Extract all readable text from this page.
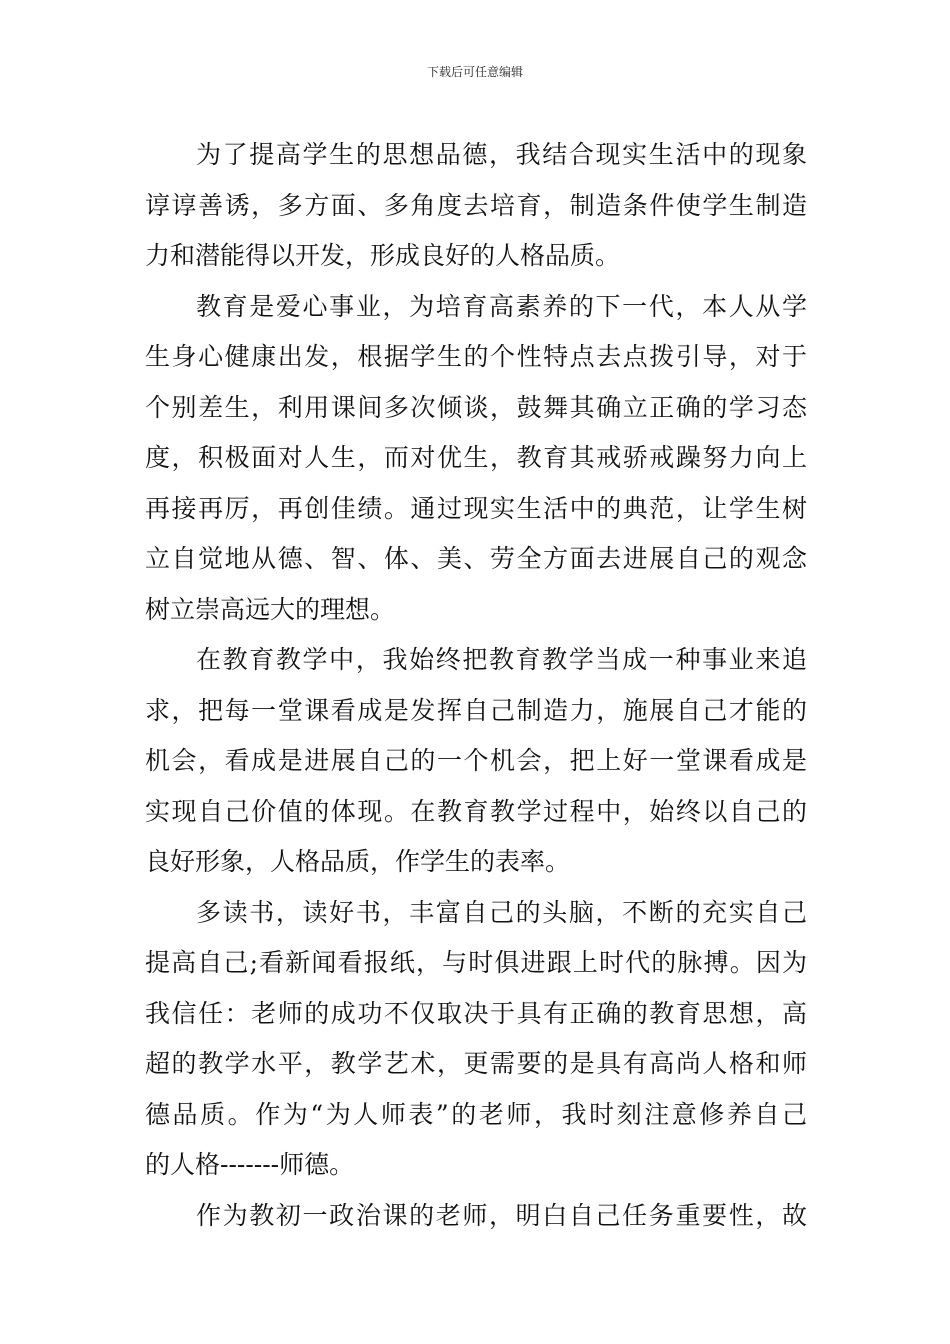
下载后可任意编辑
为了提高学生的思想品德，我结合现实生活中的现象
谆谆善诱，多方面、多角度去培育，制造条件使学生制造
力和潜能得以开发，形成良好的人格品质。
教育是爱心事业，为培育高素养的下一代，本人从学
生身心健康出发，根据学生的个性特点去点拨引导，对于
个别差生，利用课间多次倾谈，鼓舞其确立正确的学习态
度，积极面对人生，而对优生，教育其戒骄戒躁努力向上
再接再厉，再创佳绩。通过现实生活中的典范，让学生树
立自觉地从德、智、体、美、劳全方面去进展自己的观念
树立崇高远大的理想。
在教育教学中，我始终把教育教学当成一种事业来追
求，把每一堂课看成是发挥自己制造力，施展自己才能的
机会，看成是进展自己的一个机会，把上好一堂课看成是
实现自己价值的体现。在教育教学过程中，始终以自己的
良好形象，人格品质，作学生的表率。
多读书，读好书，丰富自己的头脑，不断的充实自己
提高自己;看新闻看报纸，与时俱进跟上时代的脉搏。因为
我信任：老师的成功不仅取决于具有正确的教育思想，高
超的教学水平，教学艺术，更需要的是具有高尚人格和师
德品质。作为“为人师表”的老师，我时刻注意修养自己
的人格-------师德。
作为教初一政治课的老师，明白自己任务重要性，故
